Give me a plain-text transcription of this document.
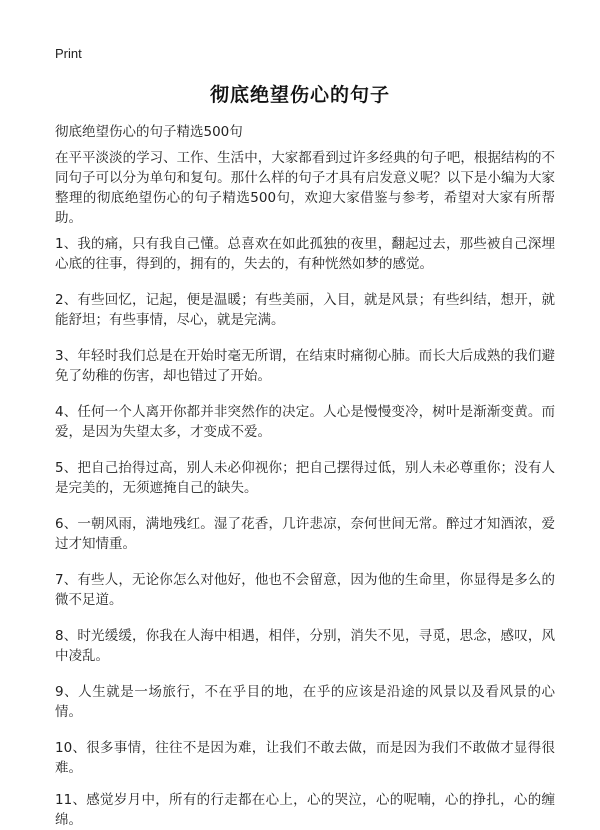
Print
彻底绝望伤心的句子
彻底绝望伤心的句子精选500句

在平平淡淡的学习、工作、生活中，大家都看到过许多经典的句子吧，根据结构的不同句子可以分为单句和复句。那什么样的句子才具有启发意义呢？以下是小编为大家整理的彻底绝望伤心的句子精选500句，欢迎大家借鉴与参考，希望对大家有所帮助。

1、我的痛，只有我自己懂。总喜欢在如此孤独的夜里，翻起过去，那些被自己深埋心底的往事，得到的，拥有的，失去的，有种恍然如梦的感觉。

2、有些回忆，记起，便是温暖；有些美丽，入目，就是风景；有些纠结，想开，就能舒坦；有些事情，尽心，就是完满。

3、年轻时我们总是在开始时毫无所谓，在结束时痛彻心肺。而长大后成熟的我们避免了幼稚的伤害，却也错过了开始。

4、任何一个人离开你都并非突然作的决定。人心是慢慢变冷，树叶是渐渐变黄。而爱，是因为失望太多，才变成不爱。

5、把自己抬得过高，别人未必仰视你；把自己摆得过低，别人未必尊重你；没有人是完美的，无须遮掩自己的缺失。

6、一朝风雨，满地残红。湿了花香，几许悲凉，奈何世间无常。醉过才知酒浓，爱过才知情重。

7、有些人，无论你怎么对他好，他也不会留意，因为他的生命里，你显得是多么的微不足道。

8、时光缓缓，你我在人海中相遇，相伴，分别，消失不见，寻觅，思念，感叹，风中凌乱。

9、人生就是一场旅行，不在乎目的地，在乎的应该是沿途的风景以及看风景的心情。

10、很多事情，往往不是因为难，让我们不敢去做，而是因为我们不敢做才显得很难。

11、感觉岁月中，所有的行走都在心上，心的哭泣，心的呢喃，心的挣扎，心的缠绵。
